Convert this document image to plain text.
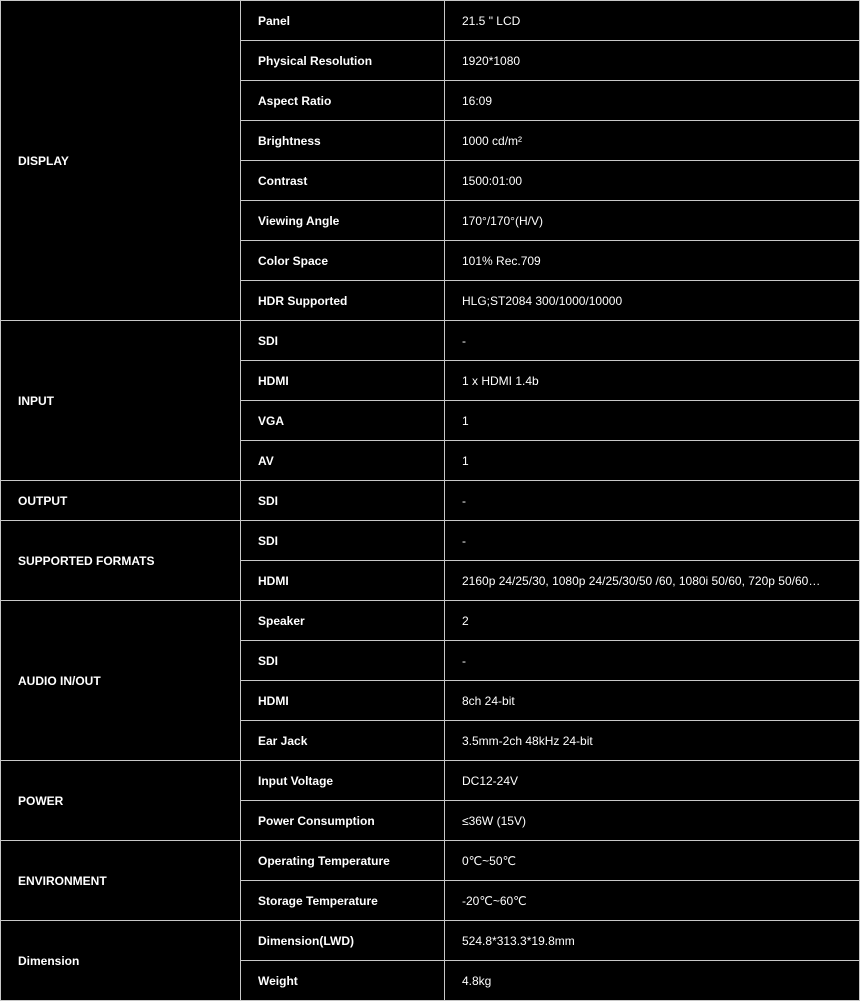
DISPLAY	Panel	21.5 " LCD
	Physical Resolution	1920*1080
	Aspect Ratio	16:09
	Brightness	1000 cd/m²
	Contrast	1500:01:00
	Viewing Angle	170°/170°(H/V)
	Color Space	101% Rec.709
	HDR Supported	HLG;ST2084 300/1000/10000
INPUT	SDI	-
	HDMI	1 x HDMI 1.4b
	VGA	1
	AV	1
OUTPUT	SDI	-
SUPPORTED FORMATS	SDI	-
	HDMI	2160p 24/25/30, 1080p 24/25/30/50 /60, 1080i 50/60, 720p 50/60…
AUDIO IN/OUT	Speaker	2
	SDI	-
	HDMI	8ch 24-bit
	Ear Jack	3.5mm-2ch 48kHz 24-bit
POWER	Input Voltage	DC12-24V
	Power Consumption	≤36W (15V)
ENVIRONMENT	Operating Temperature	0℃~50℃
	Storage Temperature	-20℃~60℃
Dimension	Dimension(LWD)	524.8*313.3*19.8mm
	Weight	4.8kg
